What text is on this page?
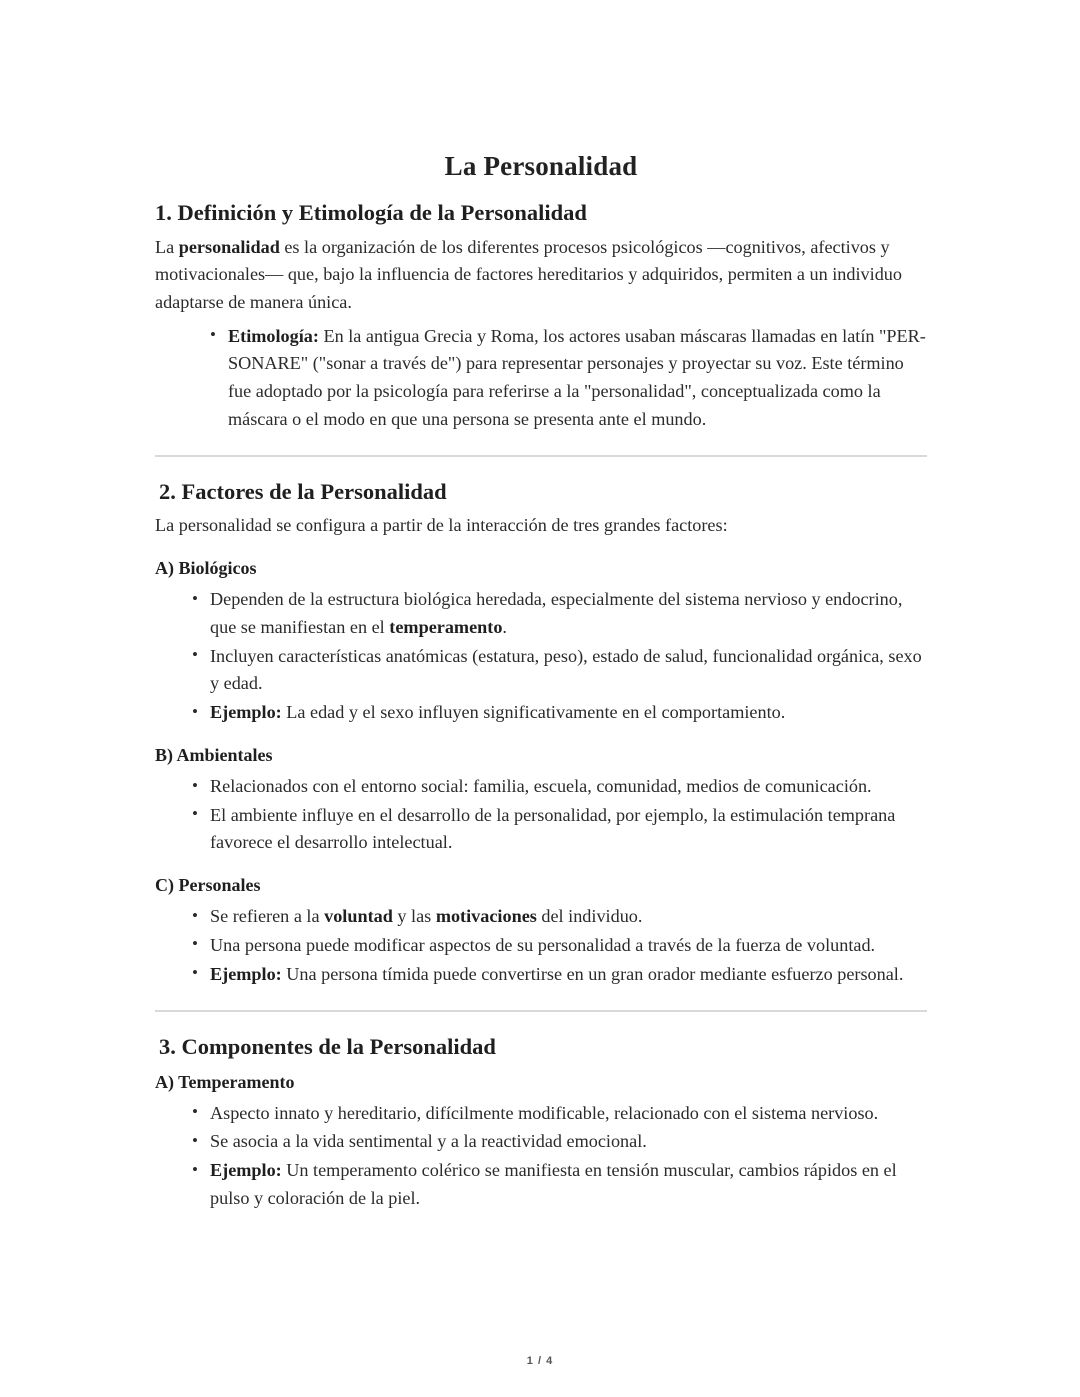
La Personalidad
1. Definición y Etimología de la Personalidad

La personalidad es la organización de los diferentes procesos psicológicos —cognitivos, afectivos y motivacionales— que, bajo la influencia de factores hereditarios y adquiridos, permiten a un individuo adaptarse de manera única.

• Etimología: En la antigua Grecia y Roma, los actores usaban máscaras llamadas en latín "PER-SONARE" ("sonar a través de") para representar personajes y proyectar su voz. Este término fue adoptado por la psicología para referirse a la "personalidad", conceptualizada como la máscara o el modo en que una persona se presenta ante el mundo.
2. Factores de la Personalidad

La personalidad se configura a partir de la interacción de tres grandes factores:

A) Biológicos
• Dependen de la estructura biológica heredada, especialmente del sistema nervioso y endocrino, que se manifiestan en el temperamento.
• Incluyen características anatómicas (estatura, peso), estado de salud, funcionalidad orgánica, sexo y edad.
• Ejemplo: La edad y el sexo influyen significativamente en el comportamiento.
B) Ambientales
• Relacionados con el entorno social: familia, escuela, comunidad, medios de comunicación.
• El ambiente influye en el desarrollo de la personalidad, por ejemplo, la estimulación temprana favorece el desarrollo intelectual.
C) Personales
• Se refieren a la voluntad y las motivaciones del individuo.
• Una persona puede modificar aspectos de su personalidad a través de la fuerza de voluntad.
• Ejemplo: Una persona tímida puede convertirse en un gran orador mediante esfuerzo personal.
3. Componentes de la Personalidad
A) Temperamento
• Aspecto innato y hereditario, difícilmente modificable, relacionado con el sistema nervioso.
• Se asocia a la vida sentimental y a la reactividad emocional.
• Ejemplo: Un temperamento colérico se manifiesta en tensión muscular, cambios rápidos en el pulso y coloración de la piel.
1 / 4
